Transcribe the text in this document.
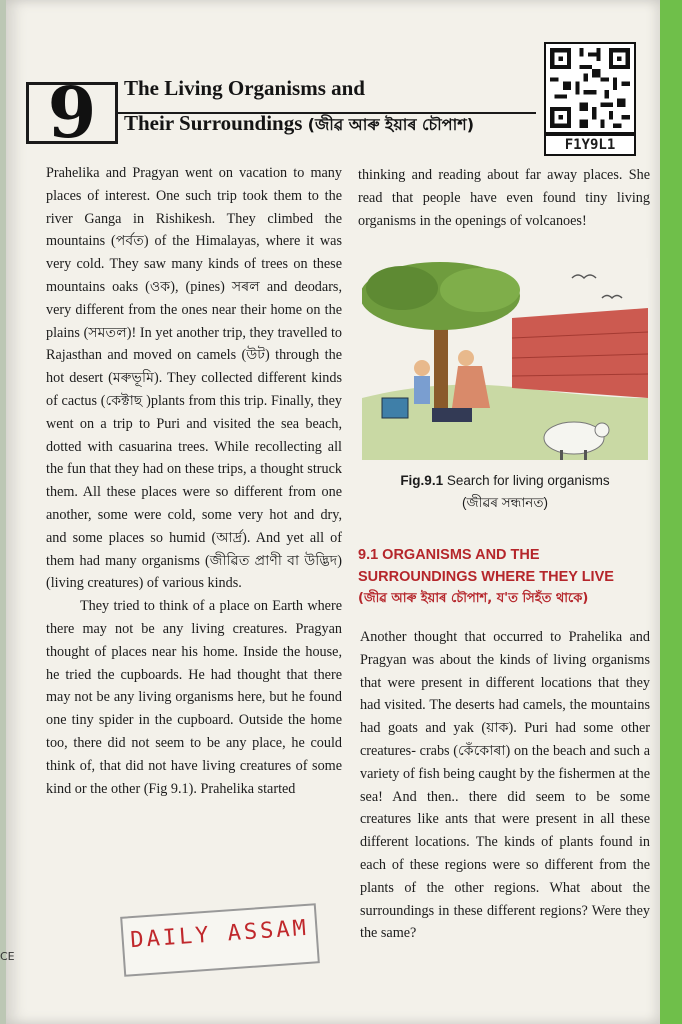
9	The Living Organisms and
Their Surroundings (জীৱ আৰু ইয়াৰ চৌপাশ)
F1Y9L1

Prahelika and Pragyan went on vacation to many places of interest. One such trip took them to the river Ganga in Rishikesh. They climbed the mountains (পৰ্বত) of the Himalayas, where it was very cold. They saw many kinds of trees on these mountains oaks (ওক), (pines) সৰল and deodars, very different from the ones near their home on the plains (সমতল)! In yet another trip, they travelled to Rajasthan and moved on camels (উট) through the hot desert (মৰুভূমি). They collected different kinds of cactus (কেক্টাছ )plants from this trip. Finally, they went on a trip to Puri and visited the sea beach, dotted with casuarina trees. While recollecting all the fun that they had on these trips, a thought struck them. All these places were so different from one another, some were cold, some very hot and dry, and some places so humid (আৰ্দ্ৰ). And yet all of them had many organisms (জীৱিত প্ৰাণী বা উদ্ভিদ) (living creatures) of various kinds.

They tried to think of a place on Earth where there may not be any living creatures. Pragyan thought of places near his home. Inside the house, he tried the cupboards. He had thought that there may not be any living organisms here, but he found one tiny spider in the cupboard. Outside the home too, there did not seem to be any place, he could think of, that did not have living creatures of some kind or the other (Fig 9.1). Prahelika started

thinking and reading about far away places. She read that people have even found tiny living organisms in the openings of volcanoes!

Fig.9.1 Search for living organisms
(জীৱৰ সন্ধানত)
9.1 ORGANISMS AND THE SURROUNDINGS WHERE THEY LIVE
(জীৱ আৰু ইয়াৰ চৌপাশ, য'ত সিহঁত থাকে)

Another thought that occurred to Prahelika and Pragyan was about the kinds of living organisms that were present in different locations that they had visited. The deserts had camels, the mountains had goats and yak (য়াক). Puri had some other creatures- crabs (কেঁকোৰা) on the beach and such a variety of fish being caught by the fishermen at the sea! And then.. there did seem to be some creatures like ants that were present in all these different locations. The kinds of plants found in each of these regions were so different from the plants of the other regions. What about the surroundings in these different regions? Were they the same?

DAILY ASSAM
CE
